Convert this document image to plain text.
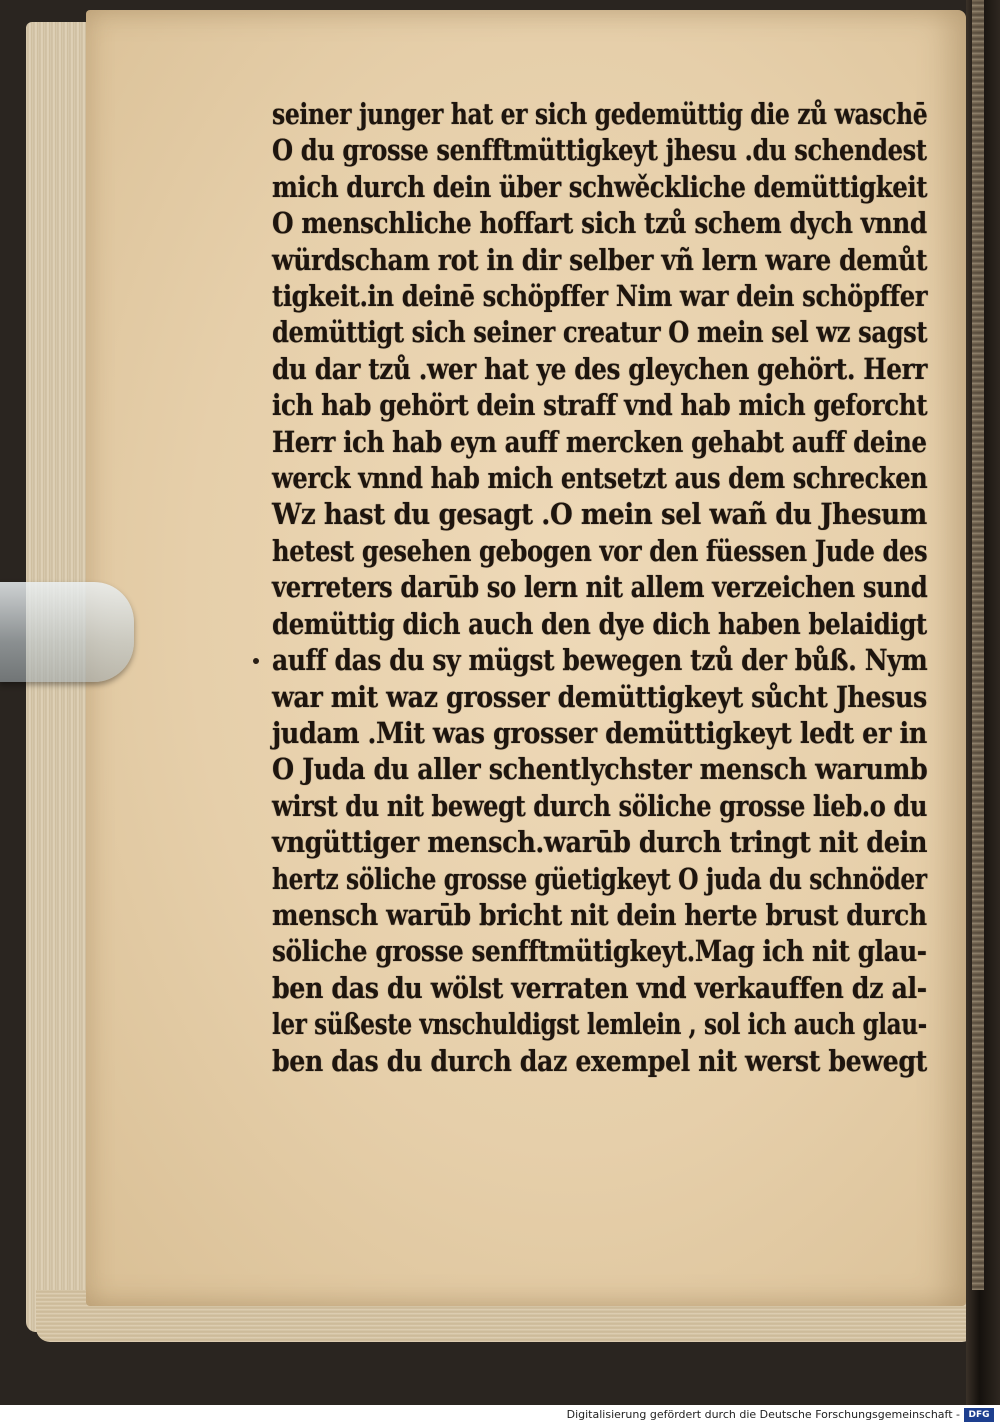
seiner junger hat er sich gedemüttig die zů waschē
O du grosse senfftmüttigkeyt jhesu .du schendest
mich durch dein über schwěckliche demüttigkeit
O menschliche hoffart sich tzů schem dych vnnd
würdscham rot in dir selber vñ lern ware demůt
tigkeit.in deinē schöpffer Nim war dein schöpffer
demüttigt sich seiner creatur O mein sel wz sagst
du dar tzů .wer hat ye des gleychen gehört. Herr
ich hab gehört dein straff vnd hab mich geforcht
Herr ich hab eyn auff mercken gehabt auff deine
werck vnnd hab mich entsetzt aus dem schrecken
Wz hast du gesagt .O mein sel wañ du Jhesum
hetest gesehen gebogen vor den füessen Jude des
verreters darūb so lern nit allem verzeichen sund
demüttig dich auch den dye dich haben belaidigt
auff das du sy mügst bewegen tzů der bůß. Nym
war mit waz grosser demüttigkeyt sůcht Jhesus
judam .Mit was grosser demüttigkeyt ledt er in
O Juda du aller schentlychster mensch warumb
wirst du nit bewegt durch söliche grosse lieb.o du
vngüttiger mensch.warūb durch tringt nit dein
hertz söliche grosse güetigkeyt O juda du schnöder
mensch warūb bricht nit dein herte brust durch
söliche grosse senfftmütigkeyt.Mag ich nit glau-
ben das du wölst verraten vnd verkauffen dz al-
ler süßeste vnschuldigst lemlein , sol ich auch glau-
ben das du durch daz exempel nit werst bewegt
Digitalisierung gefördert durch die Deutsche Forschungsgemeinschaft - DFG
